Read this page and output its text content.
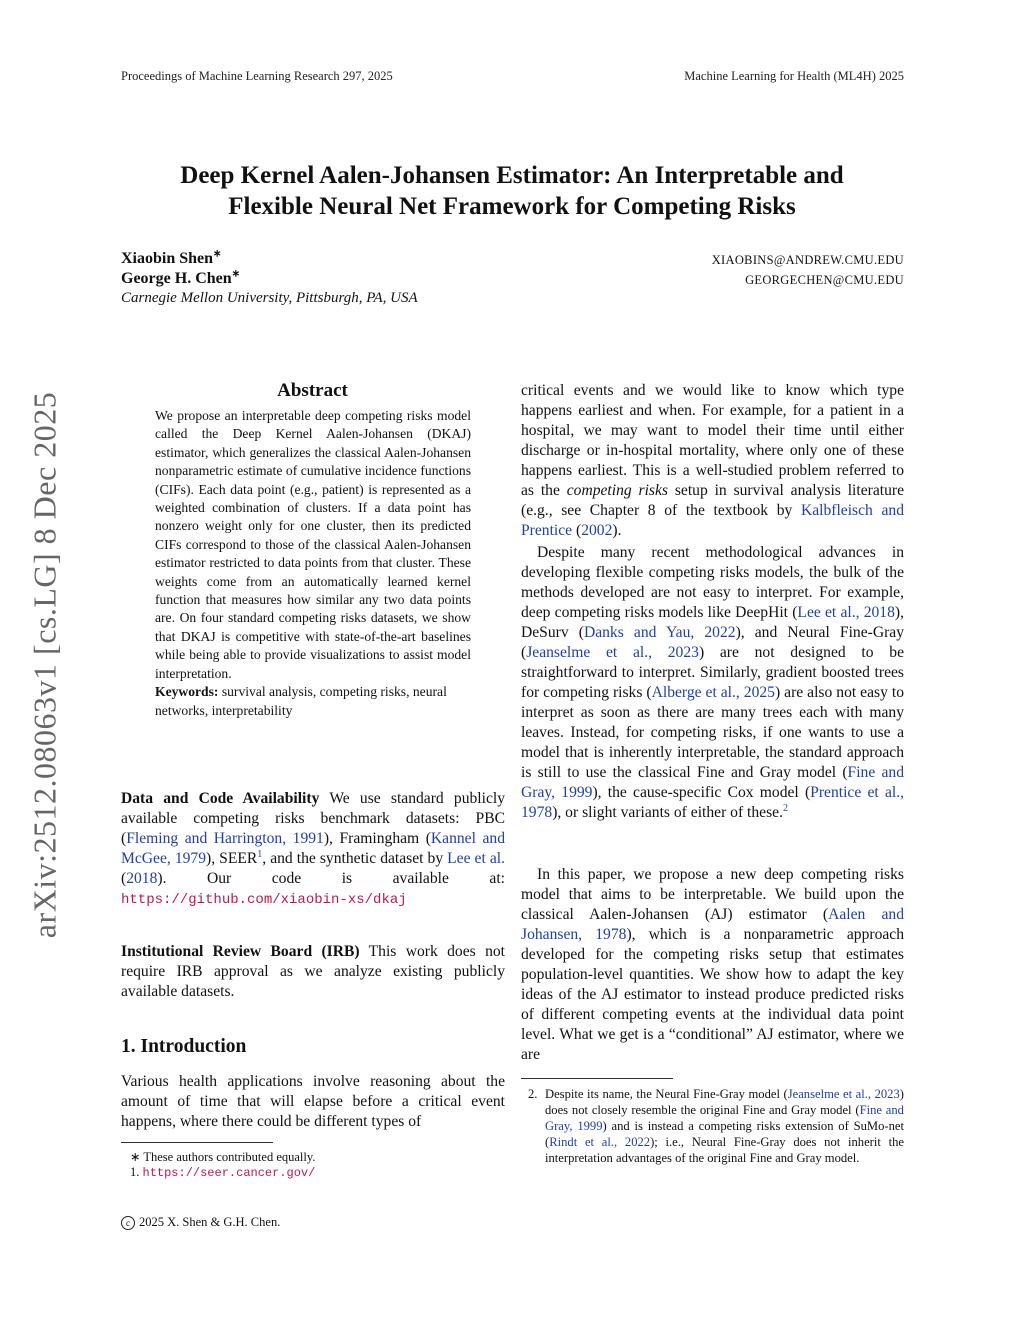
Proceedings of Machine Learning Research 297, 2025	Machine Learning for Health (ML4H) 2025
arXiv:2512.08063v1 [cs.LG] 8 Dec 2025
Deep Kernel Aalen-Johansen Estimator: An Interpretable and
Flexible Neural Net Framework for Competing Risks
Xiaobin Shen∗	XIAOBINS@ANDREW.CMU.EDU
George H. Chen∗	GEORGECHEN@CMU.EDU
Carnegie Mellon University, Pittsburgh, PA, USA
Abstract
We propose an interpretable deep competing risks model called the Deep Kernel Aalen-Johansen (DKAJ) estimator, which generalizes the classical Aalen-Johansen nonparametric estimate of cumulative incidence functions (CIFs). Each data point (e.g., patient) is represented as a weighted combination of clusters. If a data point has nonzero weight only for one cluster, then its predicted CIFs correspond to those of the classical Aalen-Johansen estimator restricted to data points from that cluster. These weights come from an automatically learned kernel function that measures how similar any two data points are. On four standard competing risks datasets, we show that DKAJ is competitive with state-of-the-art baselines while being able to provide visualizations to assist model interpretation.
Keywords: survival analysis, competing risks, neural networks, interpretability
Data and Code Availability We use standard publicly available competing risks benchmark datasets: PBC (Fleming and Harrington, 1991), Framingham (Kannel and McGee, 1979), SEER$^1$, and the synthetic dataset by Lee et al. (2018). Our code is available at: https://github.com/xiaobin-xs/dkaj
Institutional Review Board (IRB) This work does not require IRB approval as we analyze existing publicly available datasets.
1. Introduction
Various health applications involve reasoning about the amount of time that will elapse before a critical event happens, where there could be different types of
∗ These authors contributed equally.
1. https://seer.cancer.gov/
critical events and we would like to know which type happens earliest and when. For example, for a patient in a hospital, we may want to model their time until either discharge or in-hospital mortality, where only one of these happens earliest. This is a well-studied problem referred to as the competing risks setup in survival analysis literature (e.g., see Chapter 8 of the textbook by Kalbfleisch and Prentice (2002).
Despite many recent methodological advances in developing flexible competing risks models, the bulk of the methods developed are not easy to interpret. For example, deep competing risks models like DeepHit (Lee et al., 2018), DeSurv (Danks and Yau, 2022), and Neural Fine-Gray (Jeanselme et al., 2023) are not designed to be straightforward to interpret. Similarly, gradient boosted trees for competing risks (Alberge et al., 2025) are also not easy to interpret as soon as there are many trees each with many leaves. Instead, for competing risks, if one wants to use a model that is inherently interpretable, the standard approach is still to use the classical Fine and Gray model (Fine and Gray, 1999), the cause-specific Cox model (Prentice et al., 1978), or slight variants of either of these.$^2$
In this paper, we propose a new deep competing risks model that aims to be interpretable. We build upon the classical Aalen-Johansen (AJ) estimator (Aalen and Johansen, 1978), which is a nonparametric approach developed for the competing risks setup that estimates population-level quantities. We show how to adapt the key ideas of the AJ estimator to instead produce predicted risks of different competing events at the individual data point level. What we get is a “conditional” AJ estimator, where we are
2. Despite its name, the Neural Fine-Gray model (Jeanselme et al., 2023) does not closely resemble the original Fine and Gray model (Fine and Gray, 1999) and is instead a competing risks extension of SuMo-net (Rindt et al., 2022); i.e., Neural Fine-Gray does not inherit the interpretation advantages of the original Fine and Gray model.
c 2025 X. Shen & G.H. Chen.
